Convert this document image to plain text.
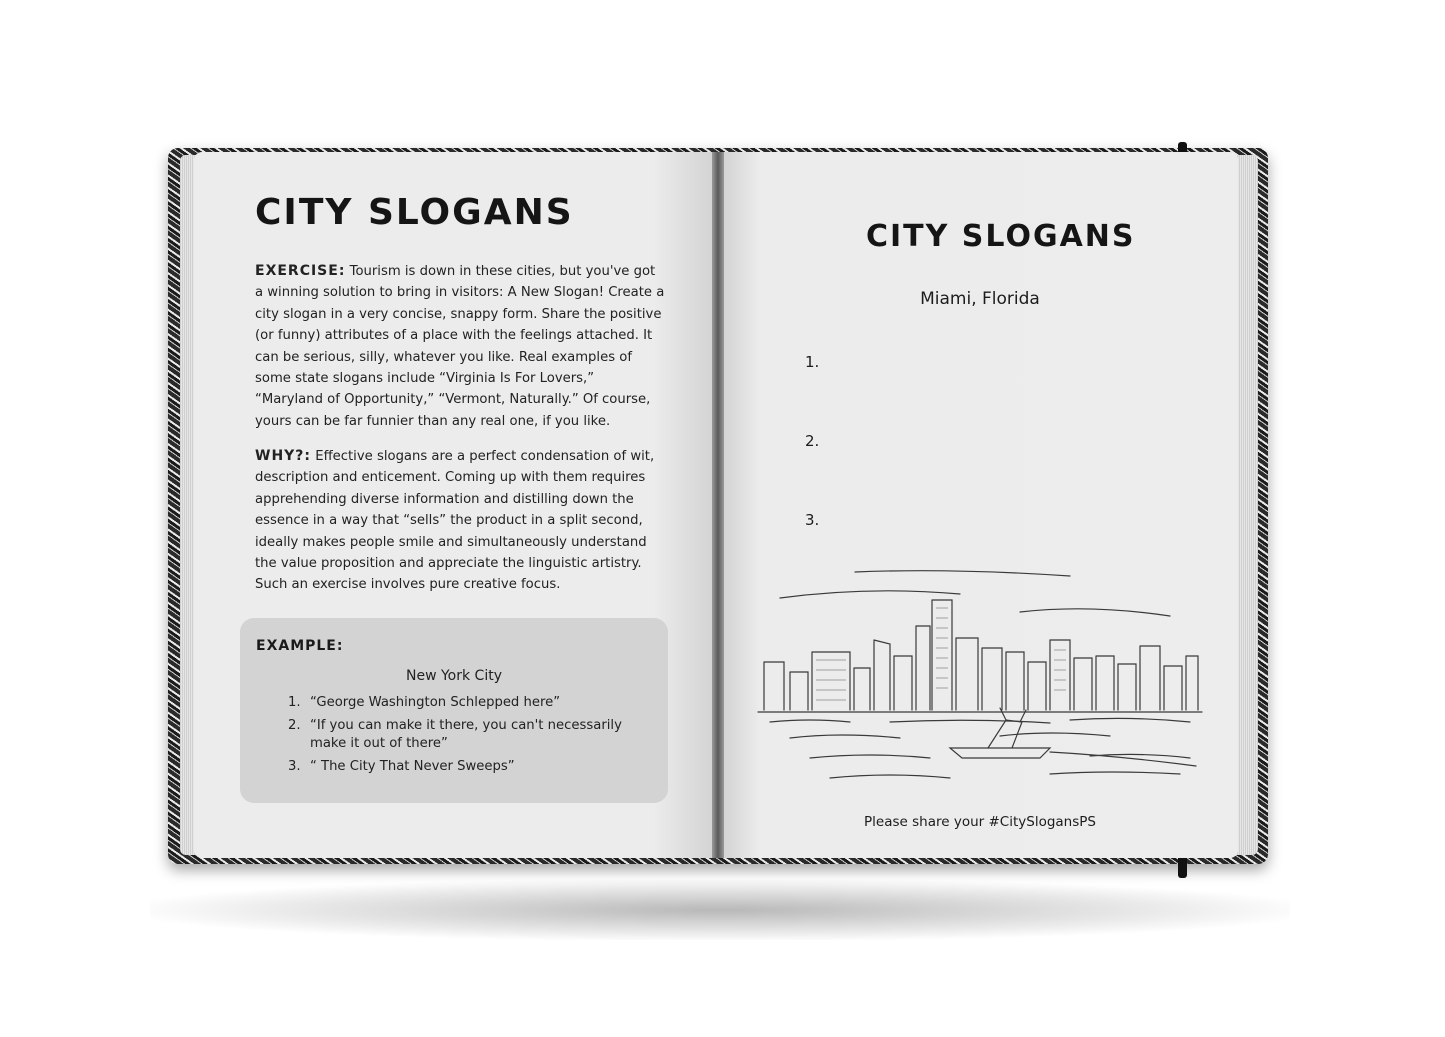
CITY SLOGANS
EXERCISE: Tourism is down in these cities, but you've got a winning solution to bring in visitors: A New Slogan! Create a city slogan in a very concise, snappy form. Share the positive (or funny) attributes of a place with the feelings attached. It can be serious, silly, whatever you like. Real examples of some state slogans include “Virginia Is For Lovers,” “Maryland of Opportunity,” “Vermont, Naturally.” Of course, yours can be far funnier than any real one, if you like.
WHY?: Effective slogans are a perfect condensation of wit, description and enticement. Coming up with them requires apprehending diverse information and distilling down the essence in a way that “sells” the product in a split second, ideally makes people smile and simultaneously understand the value proposition and appreciate the linguistic artistry. Such an exercise involves pure creative focus.
EXAMPLE:
New York City
1. “George Washington Schlepped here”
2. “If you can make it there, you can't necessarily make it out of there”
3. “ The City That Never Sweeps”
CITY SLOGANS
Miami, Florida
1.
2.
3.
Please share your #CitySlogansPS
